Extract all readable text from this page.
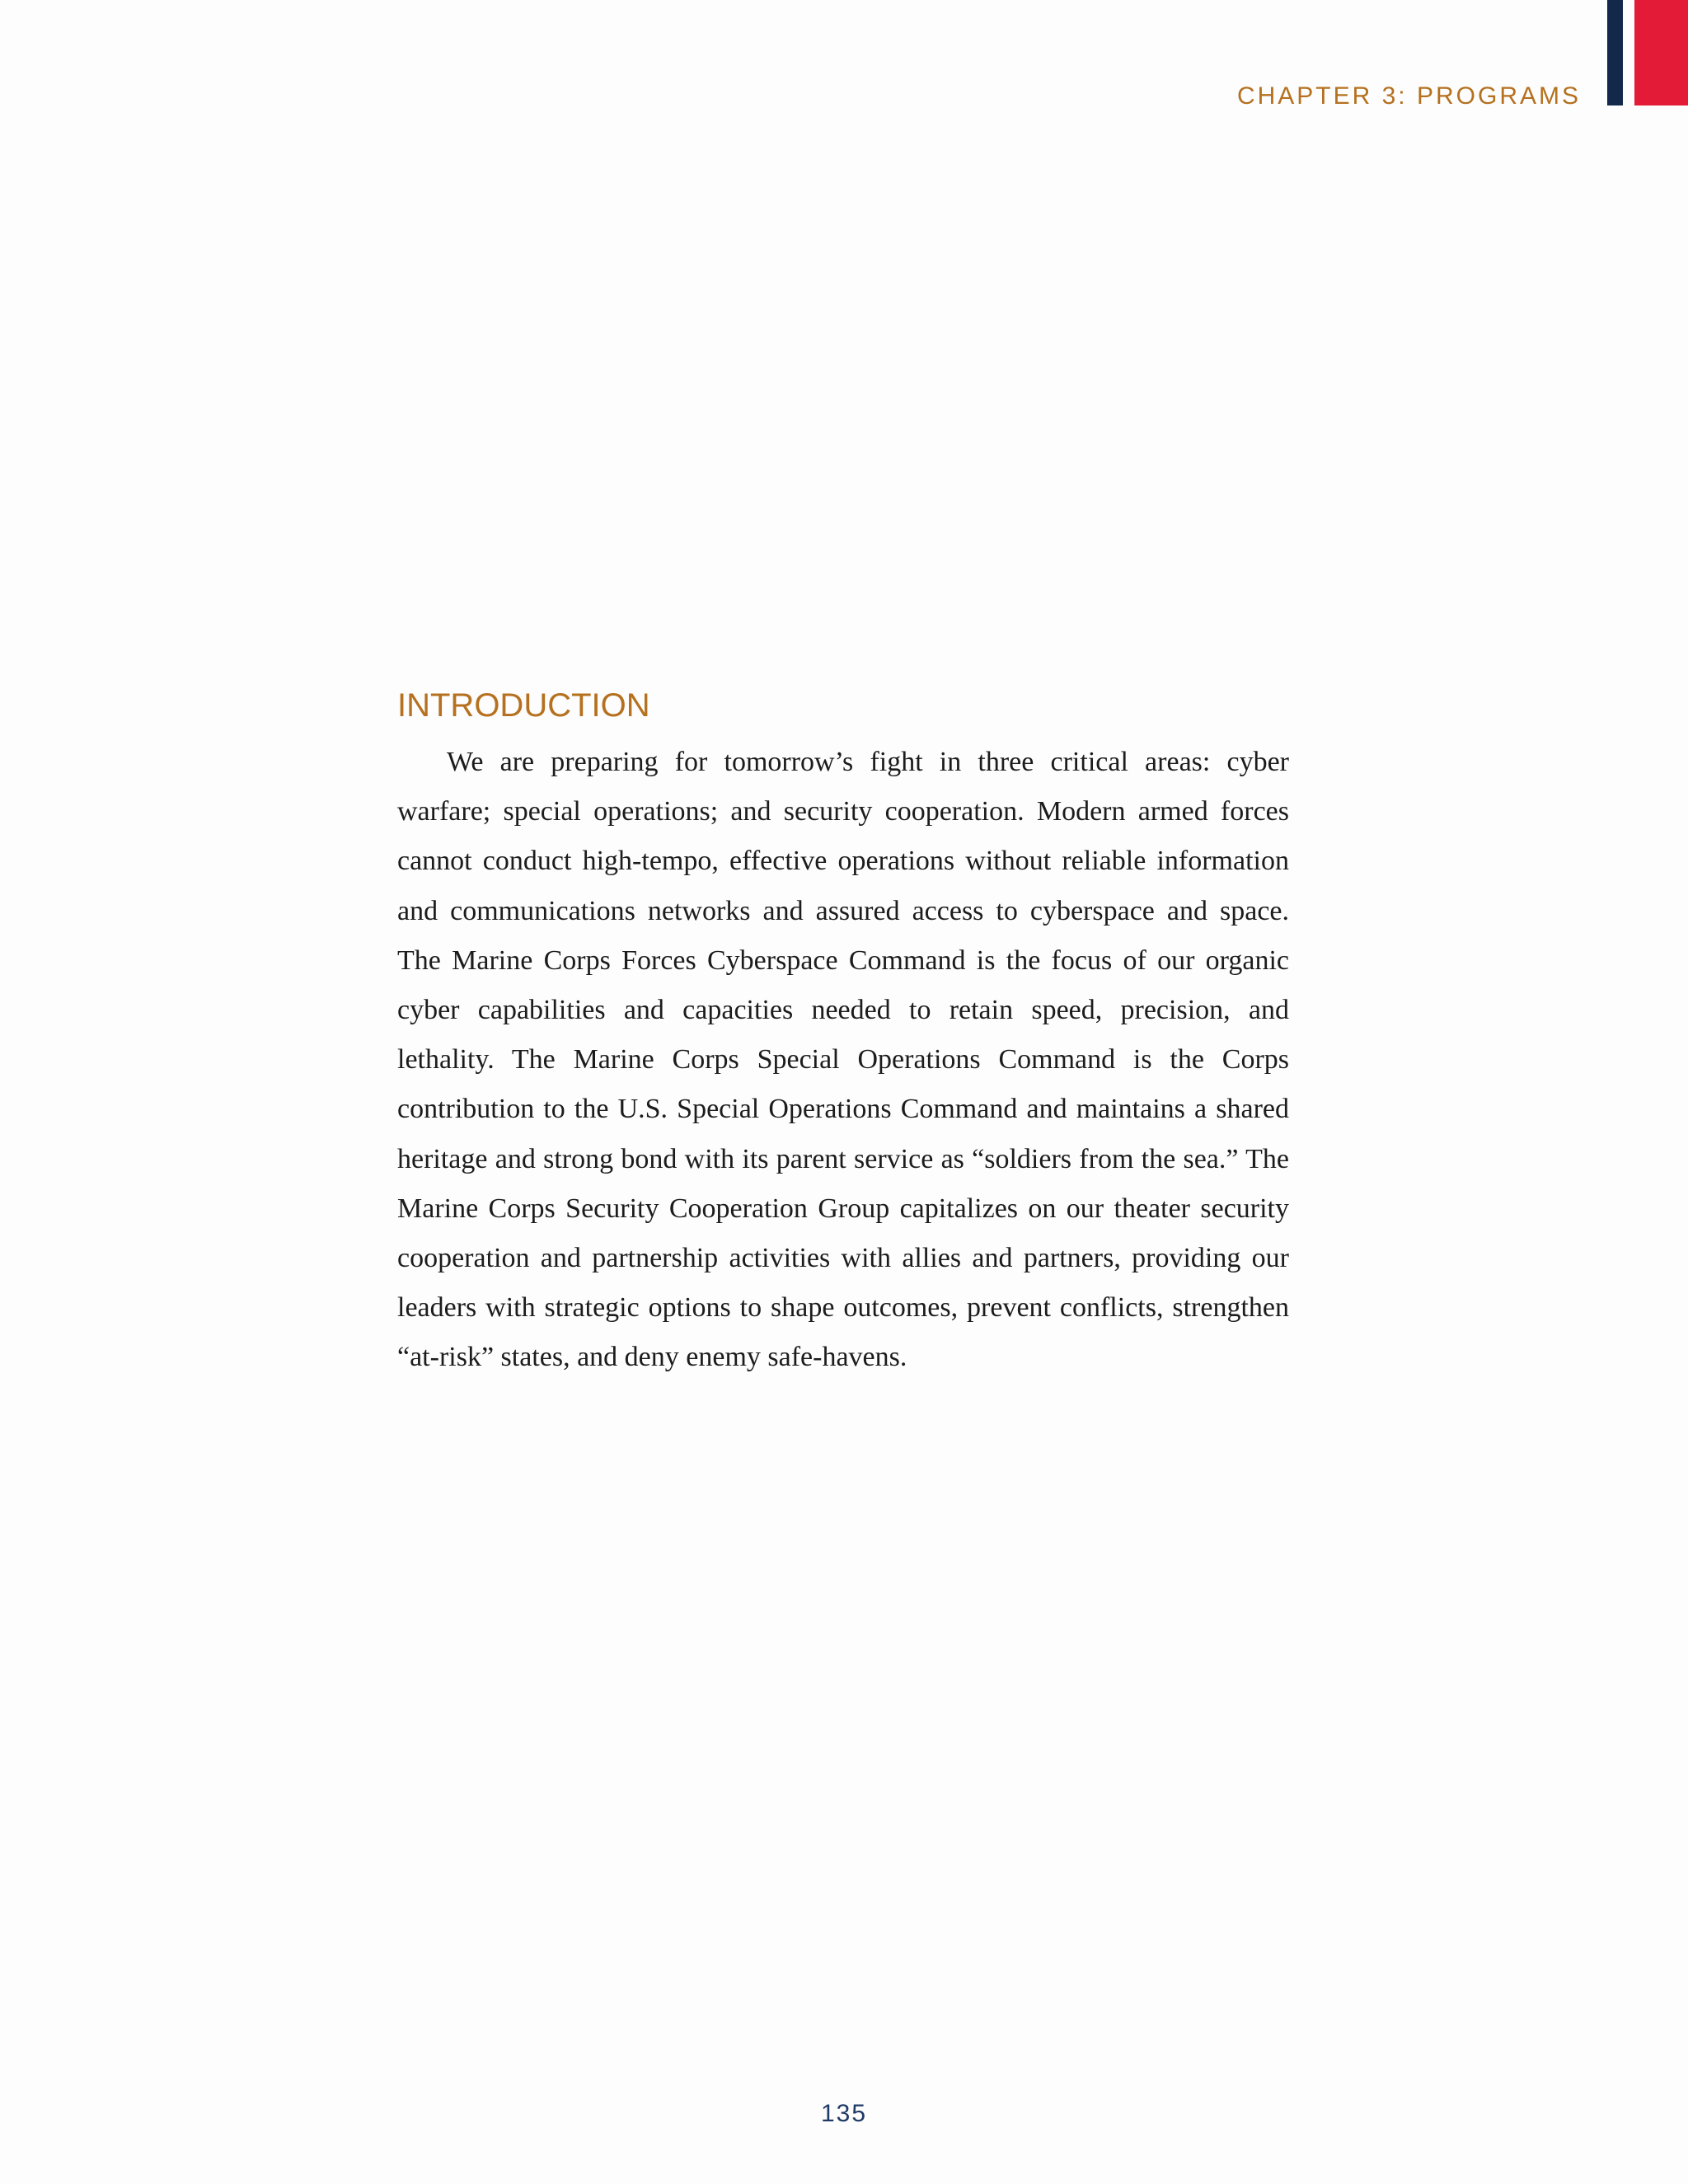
CHAPTER 3: PROGRAMS
INTRODUCTION

We are preparing for tomorrow’s fight in three critical areas: cyber warfare; special operations; and security cooperation. Modern armed forces cannot conduct high-tempo, effective operations without reliable information and communications networks and assured access to cyberspace and space. The Marine Corps Forces Cyberspace Command is the focus of our organic cyber capabilities and capacities needed to retain speed, precision, and lethality. The Marine Corps Special Operations Command is the Corps contribution to the U.S. Special Operations Command and maintains a shared heritage and strong bond with its parent service as “soldiers from the sea.” The Marine Corps Security Cooperation Group capitalizes on our theater security cooperation and partnership activities with allies and partners, providing our leaders with strategic options to shape outcomes, prevent conflicts, strengthen “at-risk” states, and deny enemy safe-havens.

135
